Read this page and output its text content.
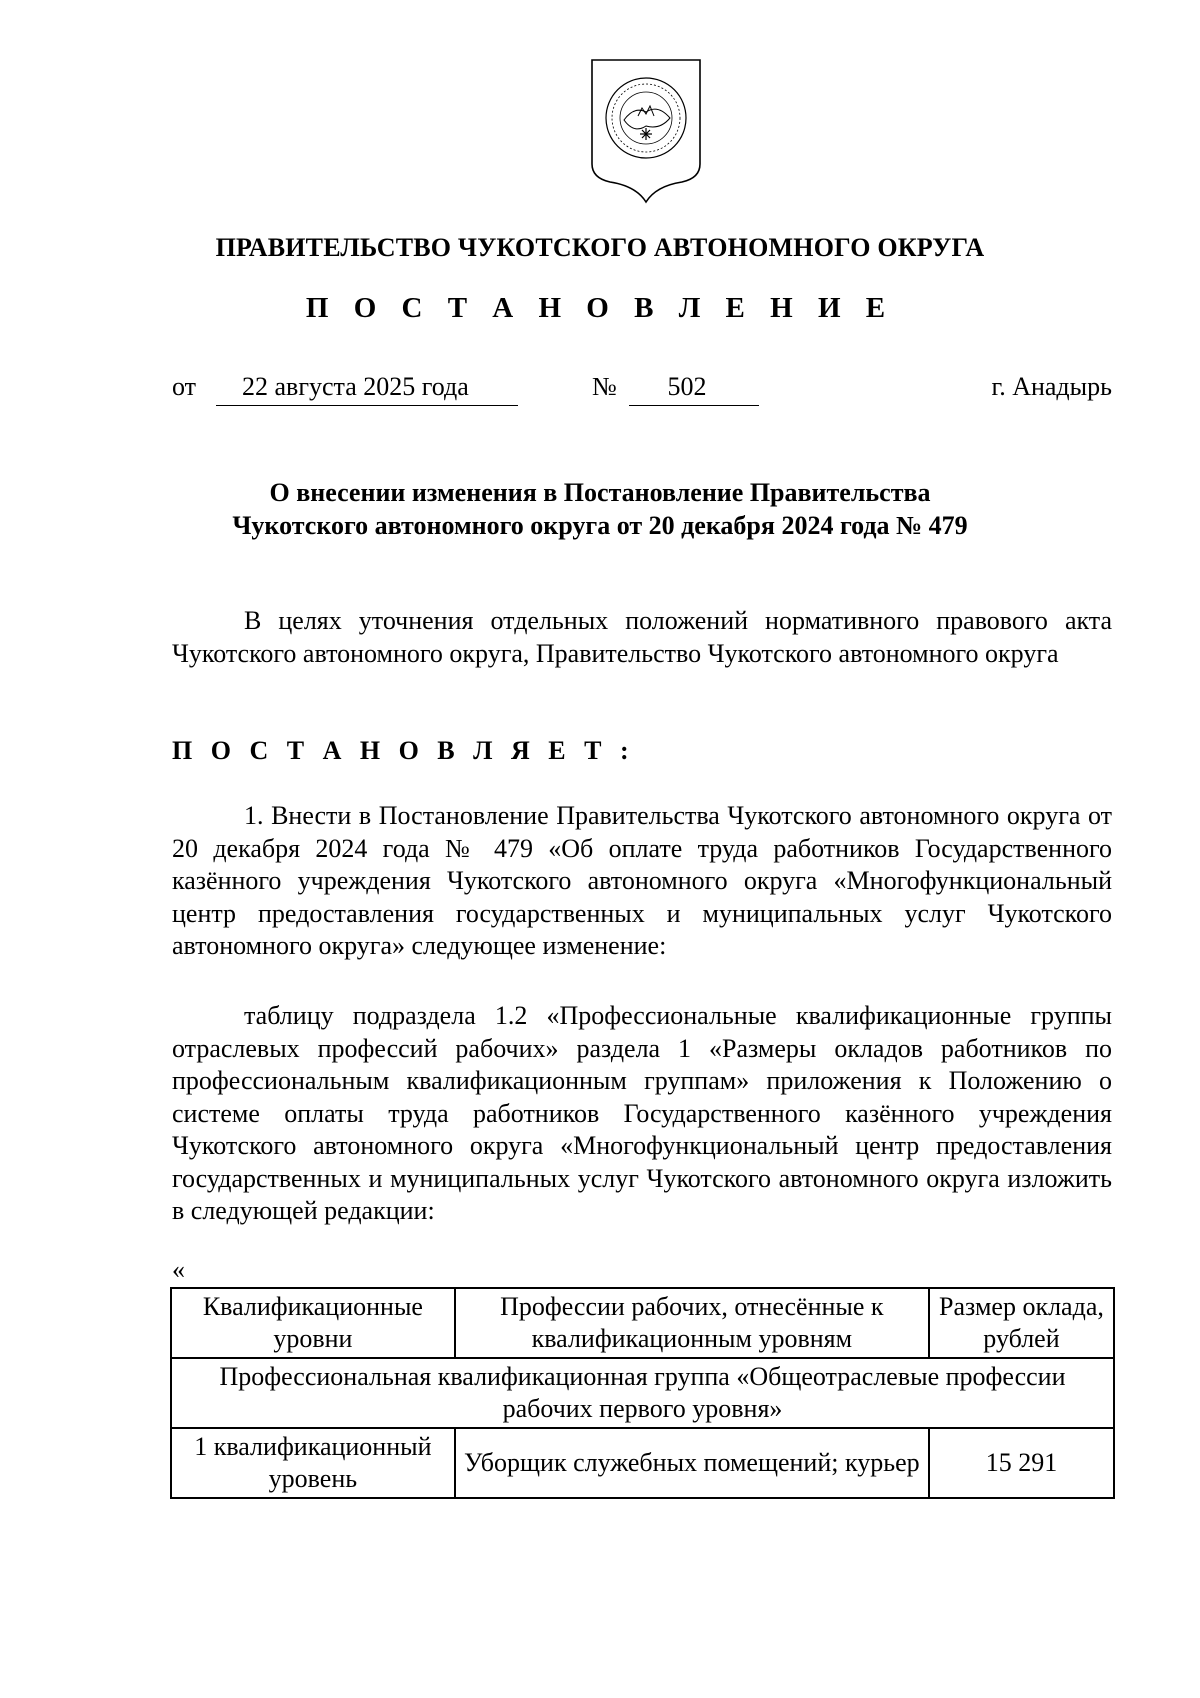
ПРАВИТЕЛЬСТВО ЧУКОТСКОГО АВТОНОМНОГО ОКРУГА
П О С Т А Н О В Л Е Н И Е
от	22 августа 2025 года	№	502	г. Анадырь
О внесении изменения в Постановление Правительства
Чукотского автономного округа от 20 декабря 2024 года № 479

В целях уточнения отдельных положений нормативного правового акта Чукотского автономного округа, Правительство Чукотского автономного округа

П О С Т А Н О В Л Я Е Т :

1. Внести в Постановление Правительства Чукотского автономного округа от 20 декабря 2024 года № 479 «Об оплате труда работников Государственного казённого учреждения Чукотского автономного округа «Многофункциональный центр предоставления государственных и муниципальных услуг Чукотского автономного округа» следующее изменение:

таблицу подраздела 1.2 «Профессиональные квалификационные группы отраслевых профессий рабочих» раздела 1 «Размеры окладов работников по профессиональным квалификационным группам» приложения к Положению о системе оплаты труда работников Государственного казённого учреждения Чукотского автономного округа «Многофункциональный центр предоставления государственных и муниципальных услуг Чукотского автономного округа изложить в следующей редакции:

«
Квалификационные уровни	Профессии рабочих, отнесённые к квалификационным уровням	Размер оклада, рублей
Профессиональная квалификационная группа «Общеотраслевые профессии рабочих первого уровня»		
1 квалификационный уровень	Уборщик служебных помещений; курьер	15 291
